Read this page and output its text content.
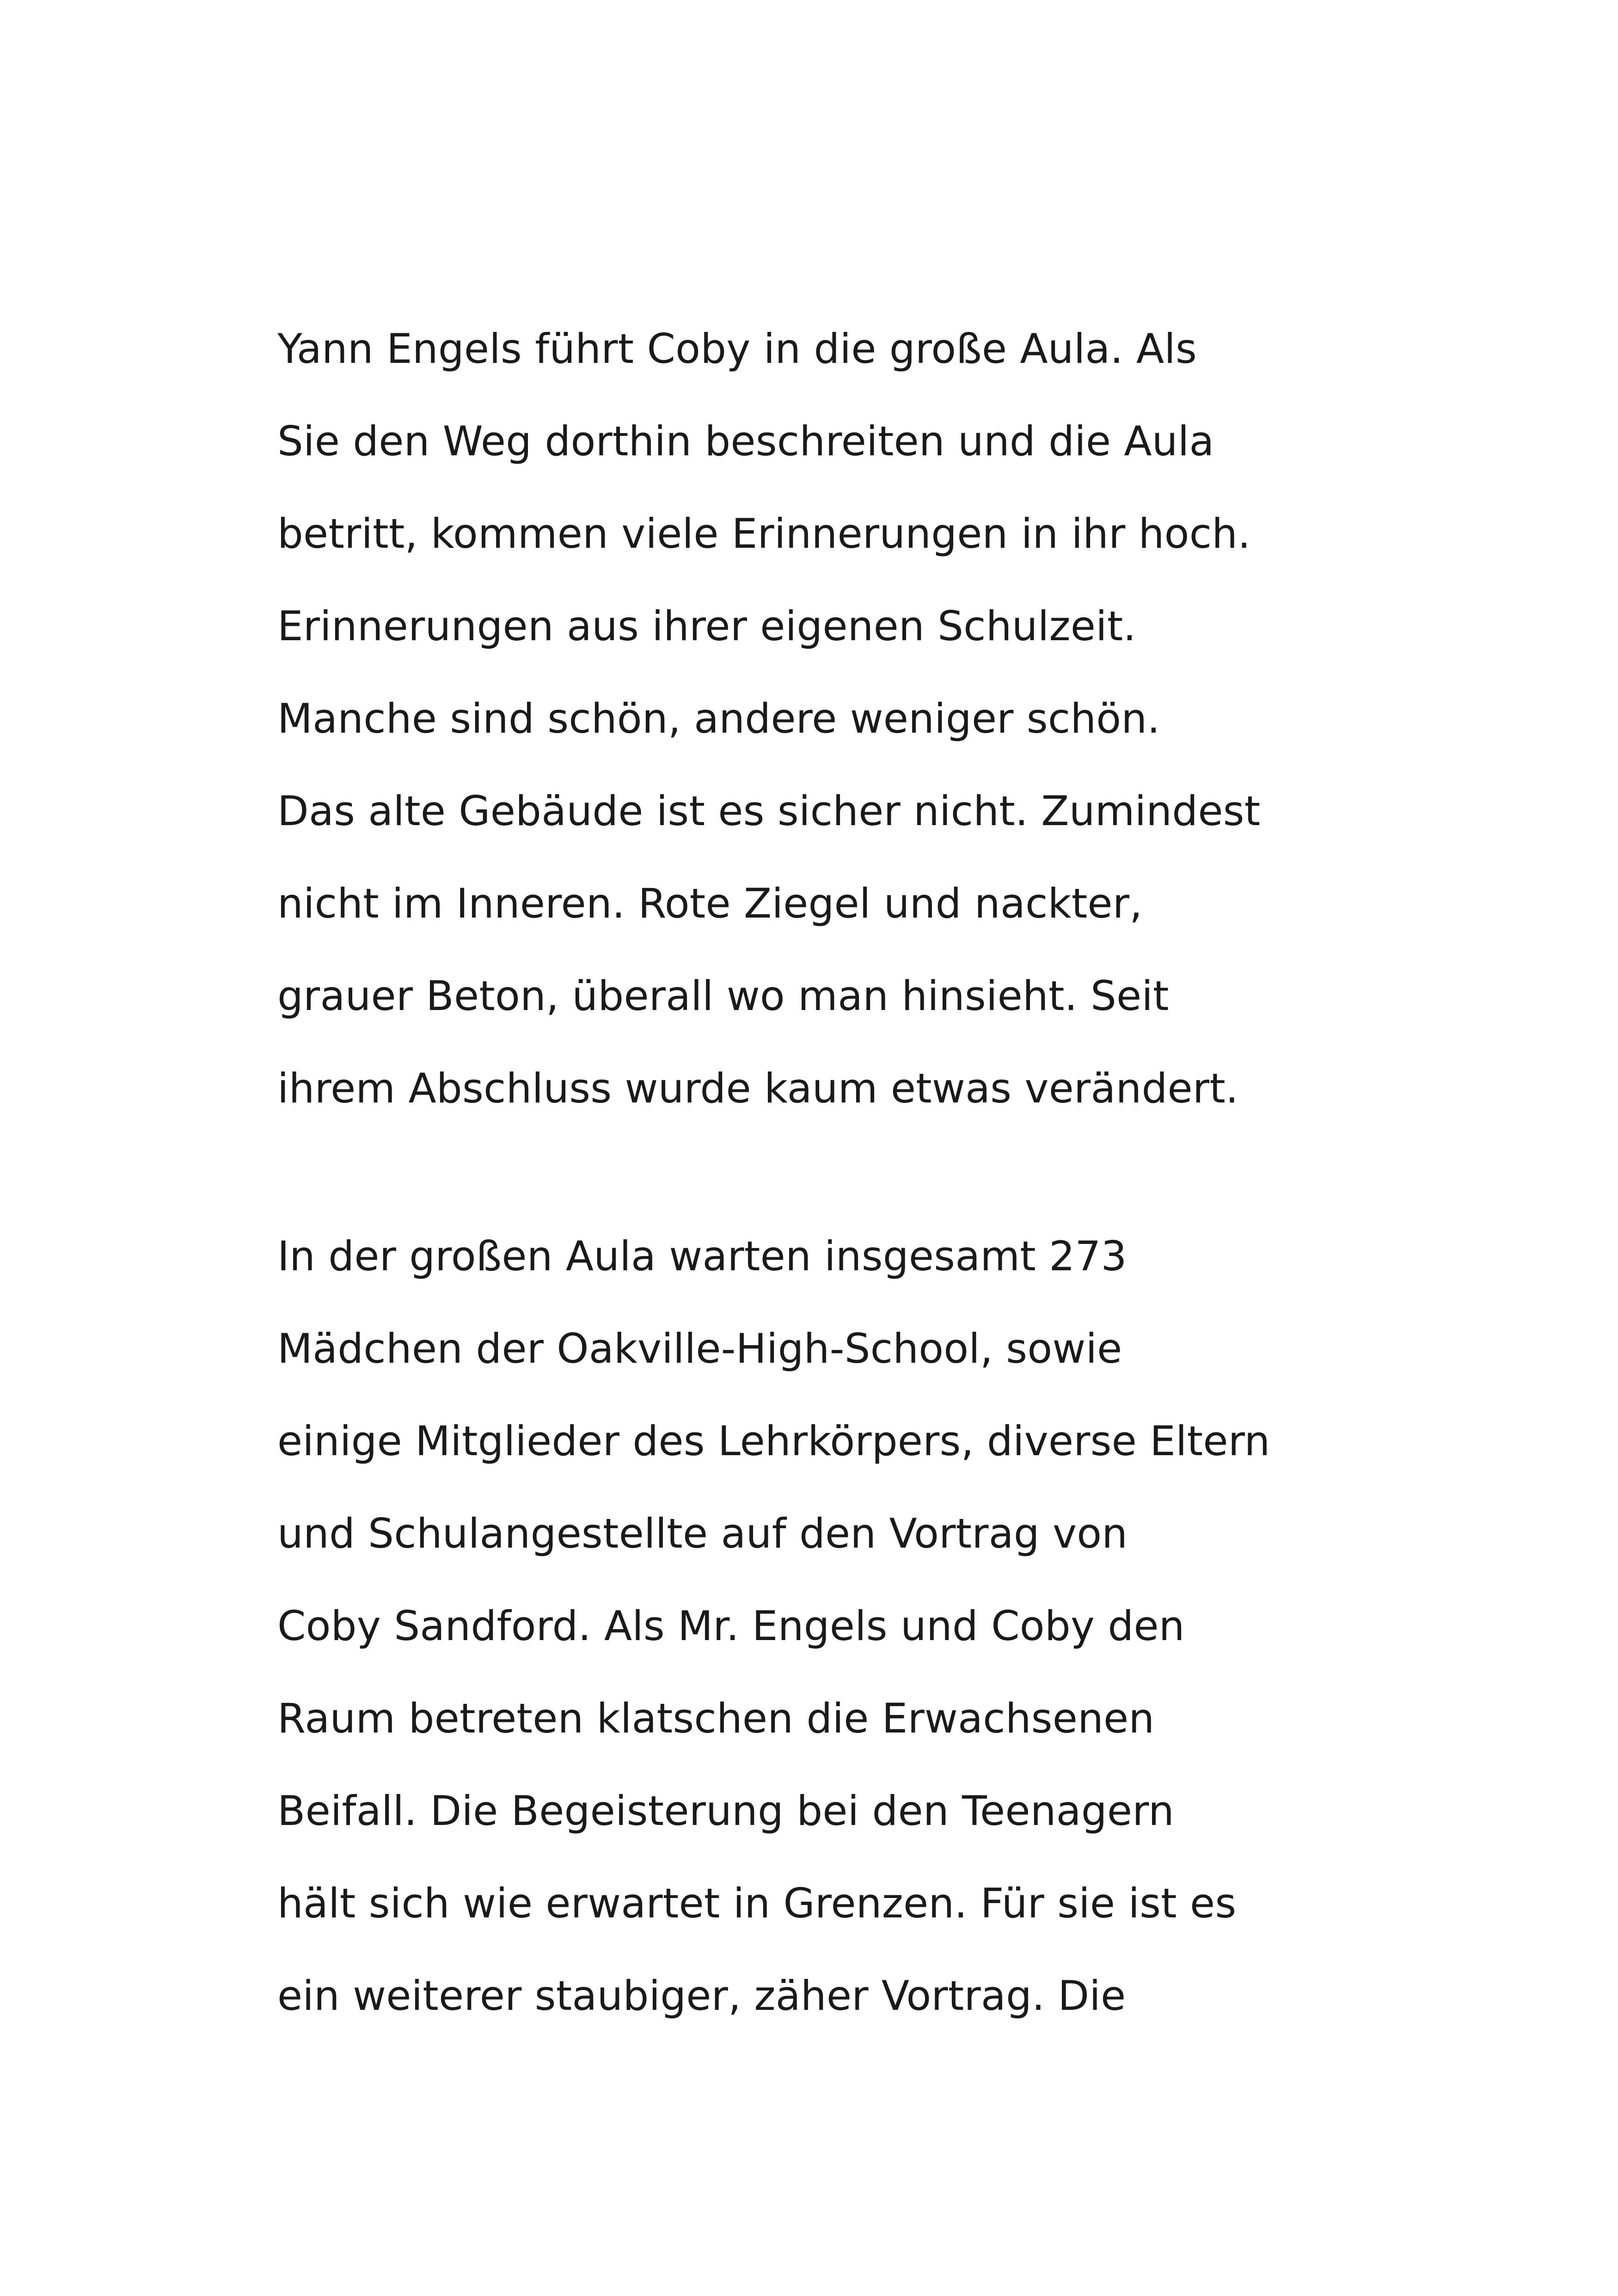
Yann Engels führt Coby in die große Aula. Als
Sie den Weg dorthin beschreiten und die Aula
betritt, kommen viele Erinnerungen in ihr hoch.
Erinnerungen aus ihrer eigenen Schulzeit.
Manche sind schön, andere weniger schön.
Das alte Gebäude ist es sicher nicht. Zumindest
nicht im Inneren. Rote Ziegel und nackter,
grauer Beton, überall wo man hinsieht. Seit
ihrem Abschluss wurde kaum etwas verändert.
In der großen Aula warten insgesamt 273
Mädchen der Oakville-High-School, sowie
einige Mitglieder des Lehrkörpers, diverse Eltern
und Schulangestellte auf den Vortrag von
Coby Sandford. Als Mr. Engels und Coby den
Raum betreten klatschen die Erwachsenen
Beifall. Die Begeisterung bei den Teenagern
hält sich wie erwartet in Grenzen. Für sie ist es
ein weiterer staubiger, zäher Vortrag. Die
